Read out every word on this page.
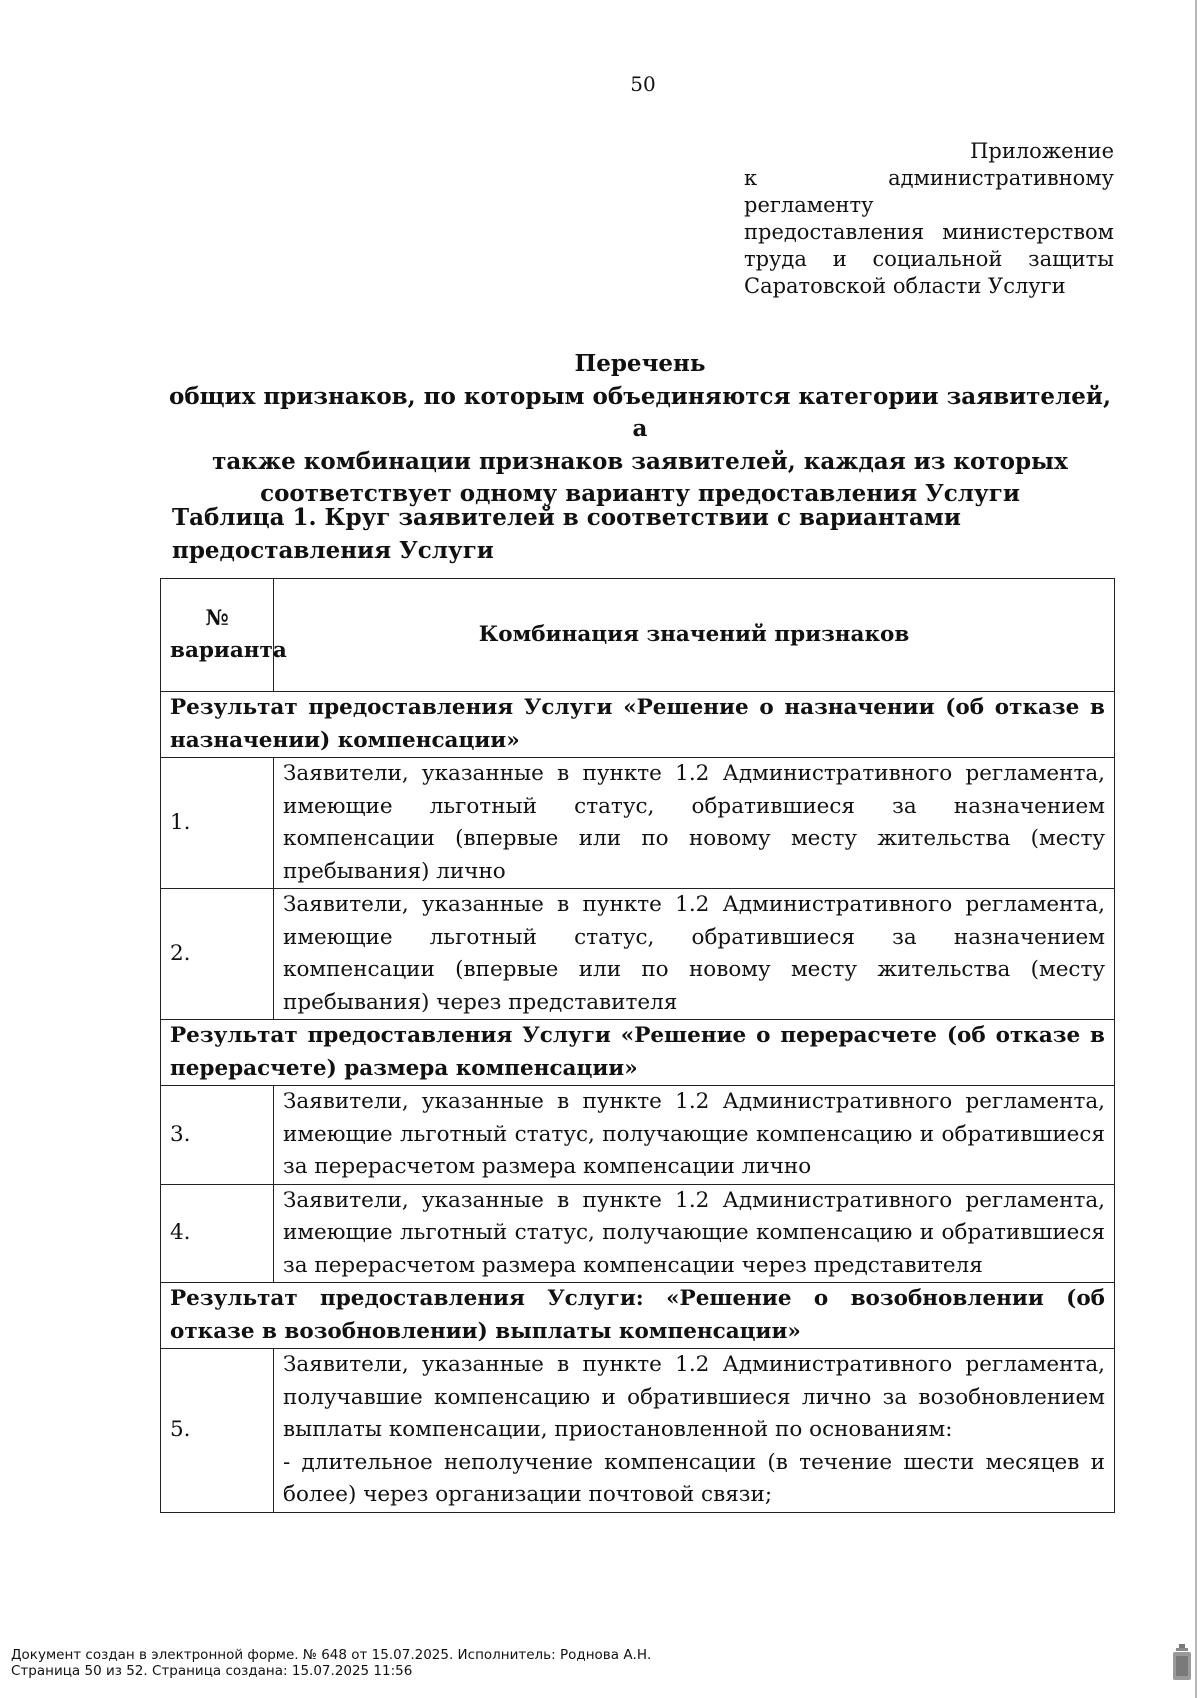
50
Приложение
к административному регламенту
предоставления министерством
труда и социальной защиты
Саратовской области Услуги
Перечень
общих признаков, по которым объединяются категории заявителей, а
также комбинации признаков заявителей, каждая из которых
соответствует одному варианту предоставления Услуги
Таблица 1. Круг заявителей в соответствии с вариантами
предоставления Услуги
№ варианта	Комбинация значений признаков
Результат предоставления Услуги «Решение о назначении (об отказе в назначении) компенсации»	
1.	Заявители, указанные в пункте 1.2 Административного регламента, имеющие льготный статус, обратившиеся за назначением компенсации (впервые или по новому месту жительства (месту пребывания) лично
2.	Заявители, указанные в пункте 1.2 Административного регламента, имеющие льготный статус, обратившиеся за назначением компенсации (впервые или по новому месту жительства (месту пребывания) через представителя
Результат предоставления Услуги «Решение о перерасчете (об отказе в перерасчете) размера компенсации»	
3.	Заявители, указанные в пункте 1.2 Административного регламента, имеющие льготный статус, получающие компенсацию и обратившиеся за перерасчетом размера компенсации лично
4.	Заявители, указанные в пункте 1.2 Административного регламента, имеющие льготный статус, получающие компенсацию и обратившиеся за перерасчетом размера компенсации через представителя
Результат предоставления Услуги: «Решение о возобновлении (об отказе в возобновлении) выплаты компенсации»	
5.	Заявители, указанные в пункте 1.2 Административного регламента, получавшие компенсацию и обратившиеся лично за возобновлением выплаты компенсации, приостановленной по основаниям:
- длительное неполучение компенсации (в течение шести месяцев и более) через организации почтовой связи;
Документ создан в электронной форме. № 648 от 15.07.2025. Исполнитель: Роднова А.Н.
Страница 50 из 52. Страница создана: 15.07.2025 11:56
